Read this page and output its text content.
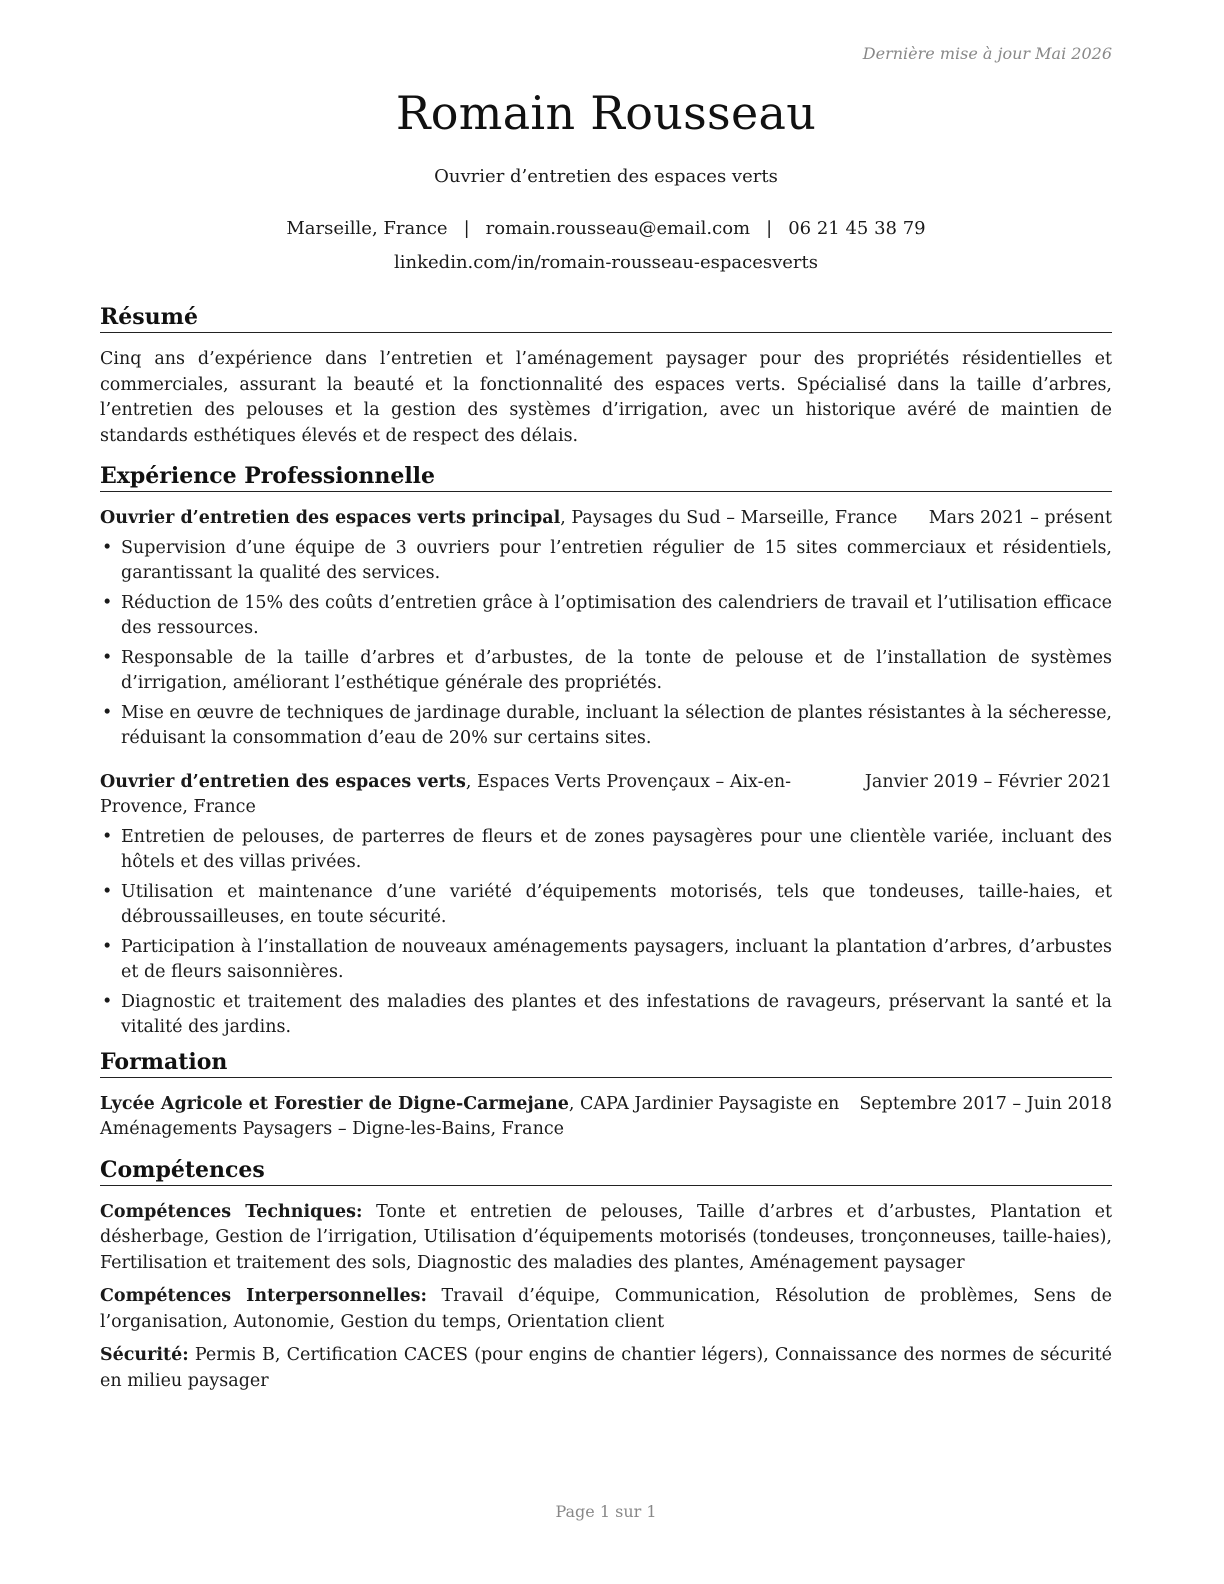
Dernière mise à jour Mai 2026
Romain Rousseau
Ouvrier d’entretien des espaces verts
Marseille, France | romain.rousseau@email.com | 06 21 45 38 79
linkedin.com/in/romain-rousseau-espacesverts
Résumé

Cinq ans d’expérience dans l’entretien et l’aménagement paysager pour des propriétés résidentielles et commerciales, assurant la beauté et la fonctionnalité des espaces verts. Spécialisé dans la taille d’arbres, l’entretien des pelouses et la gestion des systèmes d’irrigation, avec un historique avéré de maintien de standards esthétiques élevés et de respect des délais.

Expérience Professionnelle
Ouvrier d’entretien des espaces verts principal, Paysages du Sud – Marseille, France	Mars 2021 – présent
• Supervision d’une équipe de 3 ouvriers pour l’entretien régulier de 15 sites commerciaux et résidentiels, garantissant la qualité des services.
• Réduction de 15% des coûts d’entretien grâce à l’optimisation des calendriers de travail et l’utilisation efficace des ressources.
• Responsable de la taille d’arbres et d’arbustes, de la tonte de pelouse et de l’installation de systèmes d’irrigation, améliorant l’esthétique générale des propriétés.
• Mise en œuvre de techniques de jardinage durable, incluant la sélection de plantes résistantes à la sécheresse, réduisant la consommation d’eau de 20% sur certains sites.
Ouvrier d’entretien des espaces verts, Espaces Verts Provençaux – Aix-en-Provence, France
Janvier 2019 – Février 2021
• Entretien de pelouses, de parterres de fleurs et de zones paysagères pour une clientèle variée, incluant des hôtels et des villas privées.
• Utilisation et maintenance d’une variété d’équipements motorisés, tels que tondeuses, taille-haies, et débroussailleuses, en toute sécurité.
• Participation à l’installation de nouveaux aménagements paysagers, incluant la plantation d’arbres, d’arbustes et de fleurs saisonnières.
• Diagnostic et traitement des maladies des plantes et des infestations de ravageurs, préservant la santé et la vitalité des jardins.
Formation
Lycée Agricole et Forestier de Digne-Carmejane, CAPA Jardinier Paysagiste en Aménagements Paysagers – Digne-les-Bains, France
Septembre 2017 – Juin 2018
Compétences

Compétences Techniques: Tonte et entretien de pelouses, Taille d’arbres et d’arbustes, Plantation et désherbage, Gestion de l’irrigation, Utilisation d’équipements motorisés (tondeuses, tronçonneuses, taille-haies), Fertilisation et traitement des sols, Diagnostic des maladies des plantes, Aménagement paysager

Compétences Interpersonnelles: Travail d’équipe, Communication, Résolution de problèmes, Sens de l’organisation, Autonomie, Gestion du temps, Orientation client

Sécurité: Permis B, Certification CACES (pour engins de chantier légers), Connaissance des normes de sécurité en milieu paysager

Page 1 sur 1
